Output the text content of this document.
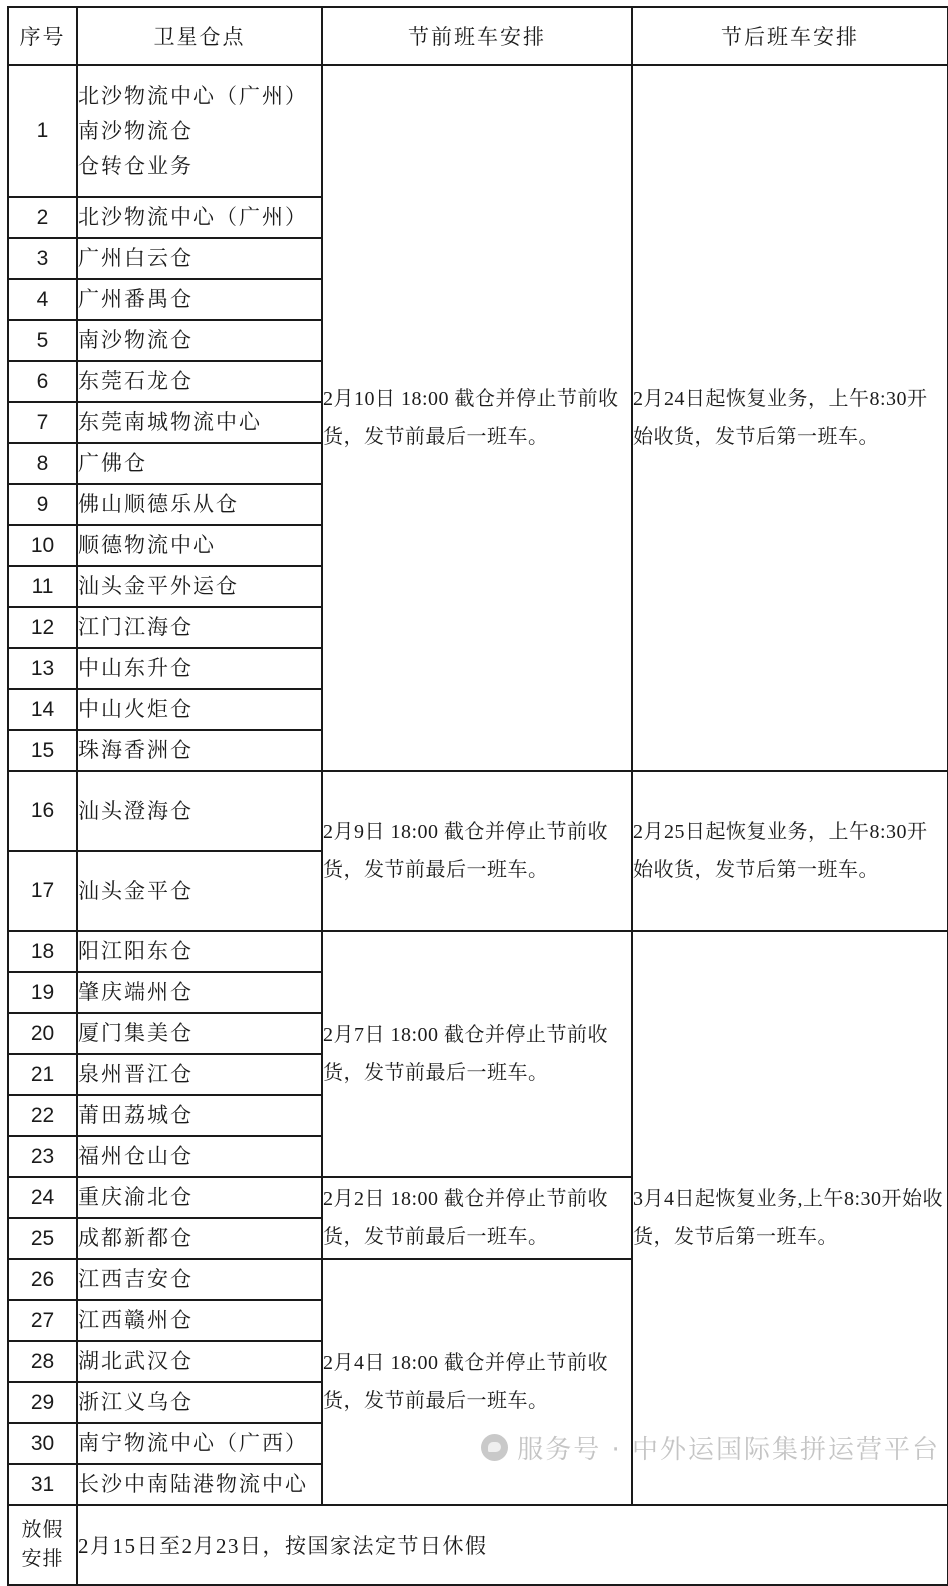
序号	卫星仓点	节前班车安排	节后班车安排

1	北沙物流中心（广州）
南沙物流仓
仓转仓业务	2月10日 18:00 截仓并停止节前收货，发节前最后一班车。	2月24日起恢复业务，上午8:30开始收货，发节后第一班车。
2	北沙物流中心（广州）		

3	广州白云仓		

4	广州番禺仓		

5	南沙物流仓		

6	东莞石龙仓		

7	东莞南城物流中心		

8	广佛仓		

9	佛山顺德乐从仓		

10	顺德物流中心		

11	汕头金平外运仓		

12	江门江海仓		

13	中山东升仓		

14	中山火炬仓		

15	珠海香洲仓		

16	汕头澄海仓	2月9日 18:00 截仓并停止节前收货，发节前最后一班车。	2月25日起恢复业务，上午8:30开始收货，发节后第一班车。
17	汕头金平仓		

18	阳江阳东仓	2月7日 18:00 截仓并停止节前收货，发节前最后一班车。	3月4日起恢复业务,上午8:30开始收货，发节后第一班车。
19	肇庆端州仓		

20	厦门集美仓		

21	泉州晋江仓		

22	莆田荔城仓		

23	福州仓山仓		

24	重庆渝北仓	2月2日 18:00 截仓并停止节前收货，发节前最后一班车。	
25	成都新都仓		

26	江西吉安仓	2月4日 18:00 截仓并停止节前收货，发节前最后一班车。	
27	江西赣州仓		

28	湖北武汉仓		

29	浙江义乌仓		

30	南宁物流中心（广西）		

31	长沙中南陆港物流中心		

放假
安排	2月15日至2月23日，按国家法定节日休假		
服务号 · 中外运国际集拼运营平台
